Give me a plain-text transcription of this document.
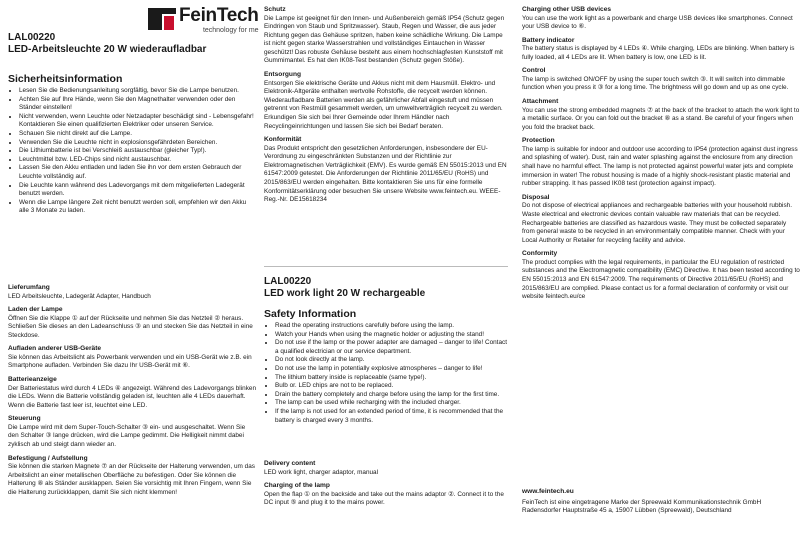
FeinTech
technology for me
LAL00220
LED-Arbeitsleuchte 20 W wiederaufladbar
Sicherheitsinformation
• Lesen Sie die Bedienungsanleitung sorgfältig, bevor Sie die Lampe benutzen.
• Achten Sie auf Ihre Hände, wenn Sie den Magnethalter verwenden oder den Ständer einstellen!
• Nicht verwenden, wenn Leuchte oder Netzadapter beschädigt sind - Lebensgefahr! Kontaktieren Sie einen qualifizierten Elektriker oder unseren Service.
• Schauen Sie nicht direkt auf die Lampe.
• Verwenden Sie die Leuchte nicht in explosionsgefährdeten Bereichen.
• Die Lithiumbatterie ist bei Verschleiß austauschbar (gleicher Typ!).
• Leuchtmittel bzw. LED-Chips sind nicht austauschbar.
• Lassen Sie den Akku entladen und laden Sie ihn vor dem ersten Gebrauch der Leuchte vollständig auf.
• Die Leuchte kann während des Ladevorgangs mit dem mitgelieferten Ladegerät benutzt werden.
• Wenn die Lampe längere Zeit nicht benutzt werden soll, empfehlen wir den Akku alle 3 Monate zu laden.
Lieferumfang

LED Arbeitsleuchte, Ladegerät Adapter, Handbuch

Laden der Lampe

Öffnen Sie die Klappe ① auf der Rückseite und nehmen Sie das Netzteil ② heraus. Schließen Sie dieses an den Ladeanschluss ③ an und stecken Sie das Netzteil in eine Steckdose.

Aufladen anderer USB-Geräte

Sie können das Arbeitslicht als Powerbank verwenden und ein USB-Gerät wie z.B. ein Smartphone aufladen. Verbinden Sie dazu Ihr USB-Gerät mit ⑥.

Batterieanzeige

Der Batteriestatus wird durch 4 LEDs ④ angezeigt. Während des Ladevorgangs blinken die LEDs. Wenn die Batterie vollständig geladen ist, leuchten alle 4 LEDs dauerhaft. Wenn die Batterie fast leer ist, leuchtet eine LED.

Steuerung

Die Lampe wird mit dem Super-Touch-Schalter ③ ein- und ausgeschaltet. Wenn Sie den Schalter ③ lange drücken, wird die Lampe gedimmt. Die Helligkeit nimmt dabei zyklisch ab und steigt dann wieder an.

Befestigung / Aufstellung

Sie können die starken Magnete ⑦ an der Rückseite der Halterung verwenden, um das Arbeitslicht an einer metallischen Oberfläche zu befestigen. Oder Sie können die Halterung ⑧ als Ständer ausklappen. Seien Sie vorsichtig mit Ihren Fingern, wenn Sie die Halterung zurückklappen, damit Sie sich nicht klemmen!

Schutz

Die Lampe ist geeignet für den Innen- und Außenbereich gemäß IP54 (Schutz gegen Eindringen von Staub und Spritzwasser). Staub, Regen und Wasser, die aus jeder Richtung gegen das Gehäuse spritzen, haben keine schädliche Wirkung. Die Lampe ist nicht gegen starke Wasserstrahlen und vollständiges Eintauchen in Wasser geschützt! Das robuste Gehäuse besteht aus einem hochschlagfesten Kunststoff mit Gummimantel. Es hat den IK08-Test bestanden (Schutz gegen Stöße).

Entsorgung

Entsorgen Sie elektrische Geräte und Akkus nicht mit dem Hausmüll. Elektro- und Elektronik-Altgeräte enthalten wertvolle Rohstoffe, die recycelt werden können. Wiederaufladbare Batterien werden als gefährlicher Abfall eingestuft und müssen getrennt von Restmüll gesammelt werden, um umweltverträglich recycelt zu werden. Erkundigen Sie sich bei Ihrer Gemeinde oder Ihrem Händler nach Recyclingeinrichtungen und lassen Sie sich bei Bedarf beraten.

Konformität

Das Produkt entspricht den gesetzlichen Anforderungen, insbesondere der EU-Verordnung zu eingeschränkten Substanzen und der Richtlinie zur Elektromagnetischen Verträglichkeit (EMV). Es wurde gemäß EN 55015:2013 und EN 61547:2009 getestet. Die Anforderungen der Richtlinie 2011/65/EU (RoHS) und 2015/863/EU werden eingehalten. Bitte kontaktieren Sie uns für eine formelle Konformitätserklärung oder besuchen Sie unsere Website www.feintech.eu. WEEE-Reg.-Nr. DE15618234

LAL00220
LED work light 20 W rechargeable
Safety Information
• Read the operating instructions carefully before using the lamp.
• Watch your Hands when using the magnetic holder or adjusting the stand!
• Do not use if the lamp or the power adapter are damaged – danger to life! Contact a qualified electrician or our service department.
• Do not look directly at the lamp.
• Do not use the lamp in potentially explosive atmospheres – danger to life!
• The lithium battery inside is replaceable (same type!).
• Bulb or. LED chips are not to be replaced.
• Drain the battery completely and charge before using the lamp for the first time.
• The lamp can be used while recharging with the included charger.
• If the lamp is not used for an extended period of time, it is recommended that the battery is charged every 3 months.
Delivery content

LED work light, charger adaptor, manual

Charging of the lamp

Open the flap ① on the backside and take out the mains adaptor ②. Connect it to the DC input ⑤ and plug it to the mains power.

Charging other USB devices

You can use the work light as a powerbank and charge USB devices like smartphones. Connect your USB device to ⑥.

Battery indicator

The battery status is displayed by 4 LEDs ④. While charging, LEDs are blinking. When battery is fully loaded, all 4 LEDs are lit. When battery is low, one LED is lit.

Control

The lamp is switched ON/OFF by using the super touch switch ③. It will switch into dimmable function when you press it ③ for a long time. The brightness will go down and up as one cycle.

Attachment

You can use the strong embedded magnets ⑦ at the back of the bracket to attach the work light to a metallic surface. Or you can fold out the bracket ⑧ as a stand. Be careful of your fingers when you fold the bracket back.

Protection

The lamp is suitable for indoor and outdoor use according to IP54 (protection against dust ingress and splashing of water). Dust, rain and water splashing against the enclosure from any direction shall have no harmful effect. The lamp is not protected against powerful water jets and complete immersion in water! The robust housing is made of a highly shock-resistant plastic material and rubber strapping. It has passed IK08 test (protection against impact).

Disposal

Do not dispose of electrical appliances and rechargeable batteries with your household rubbish. Waste electrical and electronic devices contain valuable raw materials that can be recycled. Rechargeable batteries are classified as hazardous waste. They must be collected separately from general waste to be recycled in an environmentally compatible manner. Check with your Local Authority or Retailer for recycling facility and advice.

Conformity

The product complies with the legal requirements, in particular the EU regulation of restricted substances and the Electromagnetic compatibility (EMC) Directive. It has been tested according to EN 55015:2013 and EN 61547:2009. The requirements of Directive 2011/65/EU (RoHS) and 2015/863/EU are complied. Please contact us for a formal declaration of conformity or visit our website feintech.eu/ce

www.feintech.eu

FeinTech ist eine eingetragene Marke der Spreewald Kommunikationstechnik GmbH Radensdorfer Hauptstraße 45 a, 15907 Lübben (Spreewald), Deutschland
